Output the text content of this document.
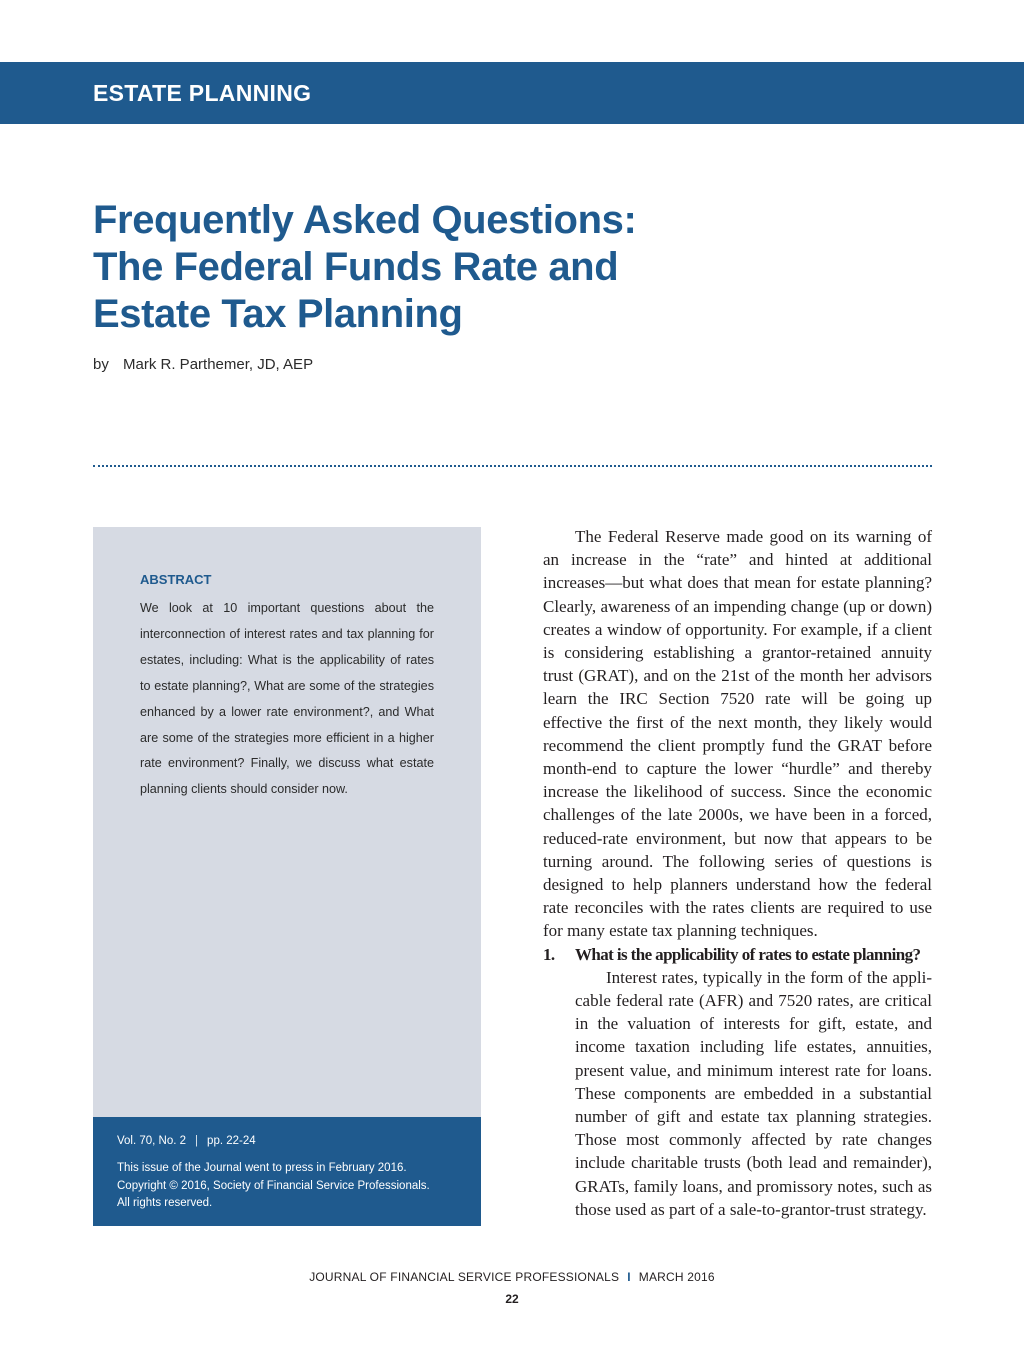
ESTATE PLANNING
Frequently Asked Questions:
The Federal Funds Rate and
Estate Tax Planning
by Mark R. Parthemer, JD, AEP
ABSTRACT
We look at 10 important questions about the interconnection of interest rates and tax planning for estates, including: What is the applicability of rates to estate planning?, What are some of the strategies enhanced by a lower rate environment?, and What are some of the strategies more efficient in a higher rate environment? Finally, we discuss what estate planning clients should consider now.
Vol. 70, No. 2 | pp. 22-24
This issue of the Journal went to press in February 2016.
Copyright © 2016, Society of Financial Service Professionals.
All rights reserved.

The Federal Reserve made good on its warning of an increase in the “rate” and hinted at additional increases—but what does that mean for estate planning? Clearly, awareness of an impending change (up or down) creates a window of opportunity. For example, if a client is considering establishing a grantor-retained annuity trust (GRAT), and on the 21st of the month her advisors learn the IRC Section 7520 rate will be going up effective the first of the next month, they likely would recommend the client promptly fund the GRAT before month-end to capture the lower “hurdle” and thereby increase the likelihood of success. Since the economic challenges of the late 2000s, we have been in a forced, reduced-rate environment, but now that appears to be turning around. The following series of questions is designed to help planners understand how the federal rate reconciles with the rates clients are required to use for many estate tax planning techniques.

1.	What is the applicability of rates to estate planning?

Interest rates, typically in the form of the applicable federal rate (AFR) and 7520 rates, are critical in the valuation of interests for gift, estate, and income taxation including life estates, annuities, present value, and minimum interest rate for loans. These components are embedded in a substantial number of gift and estate tax planning strategies. Those most commonly affected by rate changes include charitable trusts (both lead and remainder), GRATs, family loans, and promissory notes, such as those used as part of a sale-to-grantor-trust strategy.

JOURNAL OF FINANCIAL SERVICE PROFESSIONALS I MARCH 2016
22
